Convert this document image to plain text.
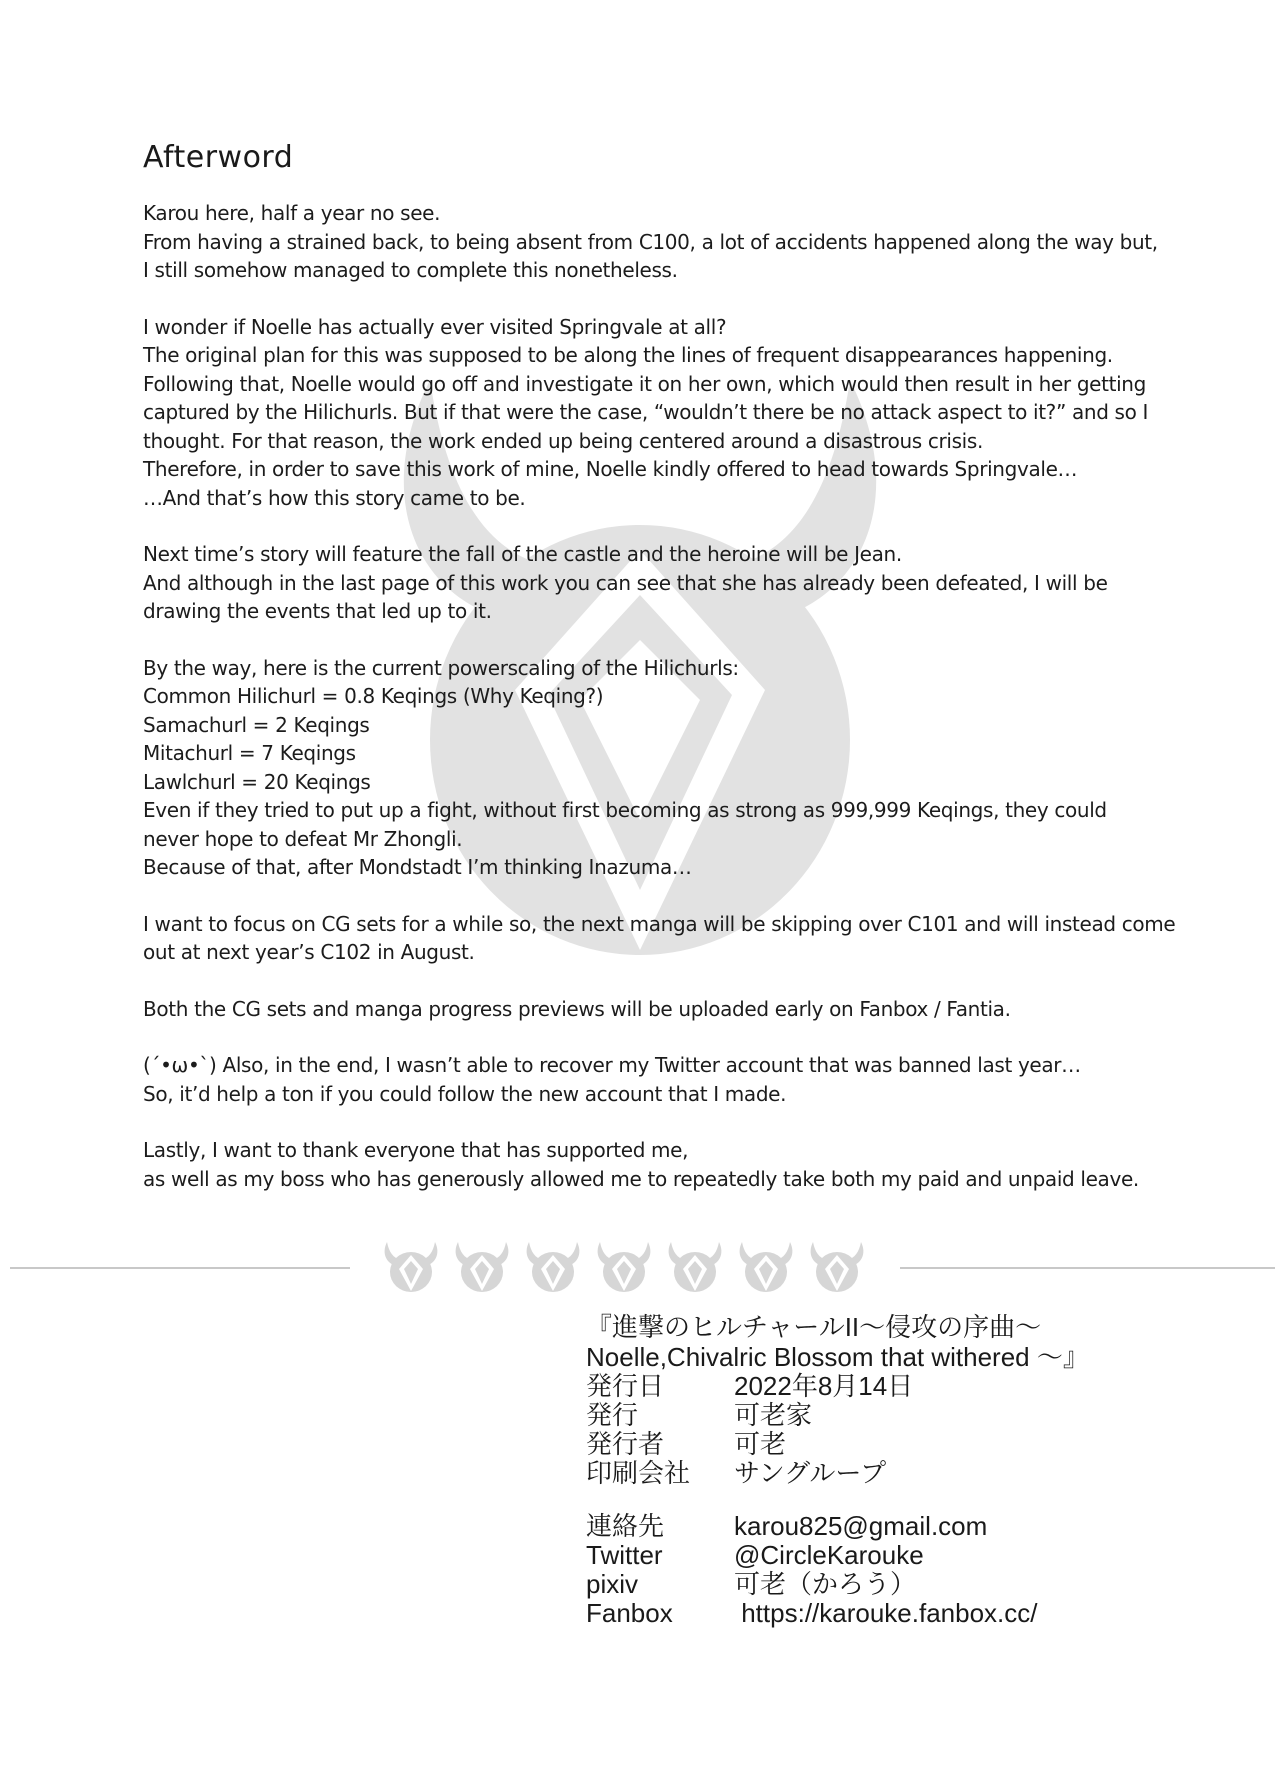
Afterword
Karou here, half a year no see.
From having a strained back, to being absent from C100, a lot of accidents happened along the way but,
I still somehow managed to complete this nonetheless.
I wonder if Noelle has actually ever visited Springvale at all?
The original plan for this was supposed to be along the lines of frequent disappearances happening.
Following that, Noelle would go off and investigate it on her own, which would then result in her getting
captured by the Hilichurls. But if that were the case, “wouldn’t there be no attack aspect to it?” and so I
thought. For that reason, the work ended up being centered around a disastrous crisis.
Therefore, in order to save this work of mine, Noelle kindly offered to head towards Springvale…
…And that’s how this story came to be.
Next time’s story will feature the fall of the castle and the heroine will be Jean.
And although in the last page of this work you can see that she has already been defeated, I will be
drawing the events that led up to it.
By the way, here is the current powerscaling of the Hilichurls:
Common Hilichurl = 0.8 Keqings (Why Keqing?)
Samachurl = 2 Keqings
Mitachurl = 7 Keqings
Lawlchurl = 20 Keqings
Even if they tried to put up a fight, without first becoming as strong as 999,999 Keqings, they could
never hope to defeat Mr Zhongli.
Because of that, after Mondstadt I’m thinking Inazuma…
I want to focus on CG sets for a while so, the next manga will be skipping over C101 and will instead come
out at next year’s C102 in August.
Both the CG sets and manga progress previews will be uploaded early on Fanbox / Fantia.
(´•ω•`) Also, in the end, I wasn’t able to recover my Twitter account that was banned last year…
So, it’d help a ton if you could follow the new account that I made.
Lastly, I want to thank everyone that has supported me,
as well as my boss who has generously allowed me to repeatedly take both my paid and unpaid leave.
『進撃のヒルチャールII～侵攻の序曲～
Noelle,Chivalric Blossom that withered ～』
発行日	2022年8月14日
発行	可老家
発行者	可老
印刷会社 サングループ
連絡先	karou825@gmail.com
Twitter	@CircleKarouke
pixiv	可老（かろう）
Fanbox https://karouke.fanbox.cc/
